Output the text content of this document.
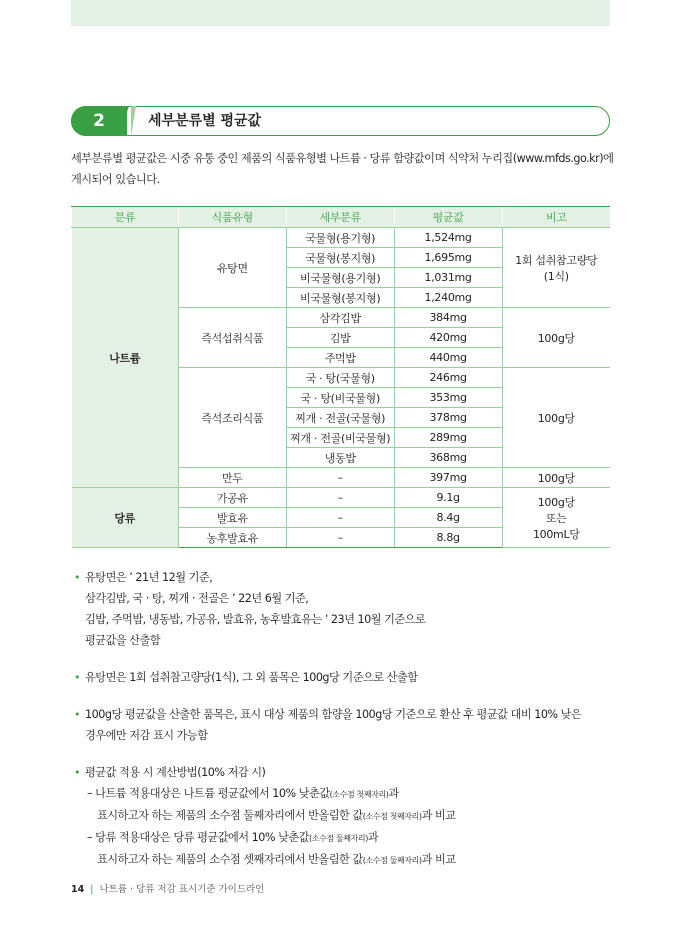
2	세부분류별 평균값
세부분류별 평균값은 시중 유통 중인 제품의 식품유형별 나트륨 · 당류 함량값이며 식약처 누리집(www.mfds.go.kr)에
게시되어 있습니다.
분류	식품유형	세부분류	평균값	비고
나트륨	유탕면	국물형(용기형)	1,524mg	1회 섭취참고량당
(1식)

		국물형(봉지형)	1,695mg	
		비국물형(용기형)	1,031mg	
		비국물형(봉지형)	1,240mg	
	즉석섭취식품	삼각김밥	384mg	100g당
		김밥	420mg	
		주먹밥	440mg	
	즉석조리식품	국 · 탕(국물형)	246mg	100g당
		국 · 탕(비국물형)	353mg	
		찌개 · 전골(국물형)	378mg	
		찌개 · 전골(비국물형)	289mg	
		냉동밥	368mg	
	만두	–	397mg	100g당
당류	가공유	–	9.1g	100g당
또는
100mL당

	발효유	–	8.4g	
	농후발효유	–	8.8g	
• 유탕면은 ’ 21년 12월 기준,
삼각김밥, 국 · 탕, 찌개 · 전골은 ’ 22년 6월 기준,
김밥, 주먹밥, 냉동밥, 가공유, 발효유, 농후발효유는 ’ 23년 10월 기준으로
평균값을 산출함
• 유탕면은 1회 섭취참고량당(1식), 그 외 품목은 100g당 기준으로 산출함
• 100g당 평균값을 산출한 품목은, 표시 대상 제품의 함량을 100g당 기준으로 환산 후 평균값 대비 10% 낮은
경우에만 저감 표시 가능함
• 평균값 적용 시 계산방법(10% 저감 시)
– 나트륨 적용대상은 나트륨 평균값에서 10% 낮춘값(소수점 첫째자리)과
표시하고자 하는 제품의 소수점 둘째자리에서 반올림한 값(소수점 첫째자리)과 비교
– 당류 적용대상은 당류 평균값에서 10% 낮춘값(소수점 둘째자리)과
표시하고자 하는 제품의 소수점 셋째자리에서 반올림한 값(소수점 둘째자리)과 비교
14 | 나트륨 · 당류 저감 표시기준 가이드라인
